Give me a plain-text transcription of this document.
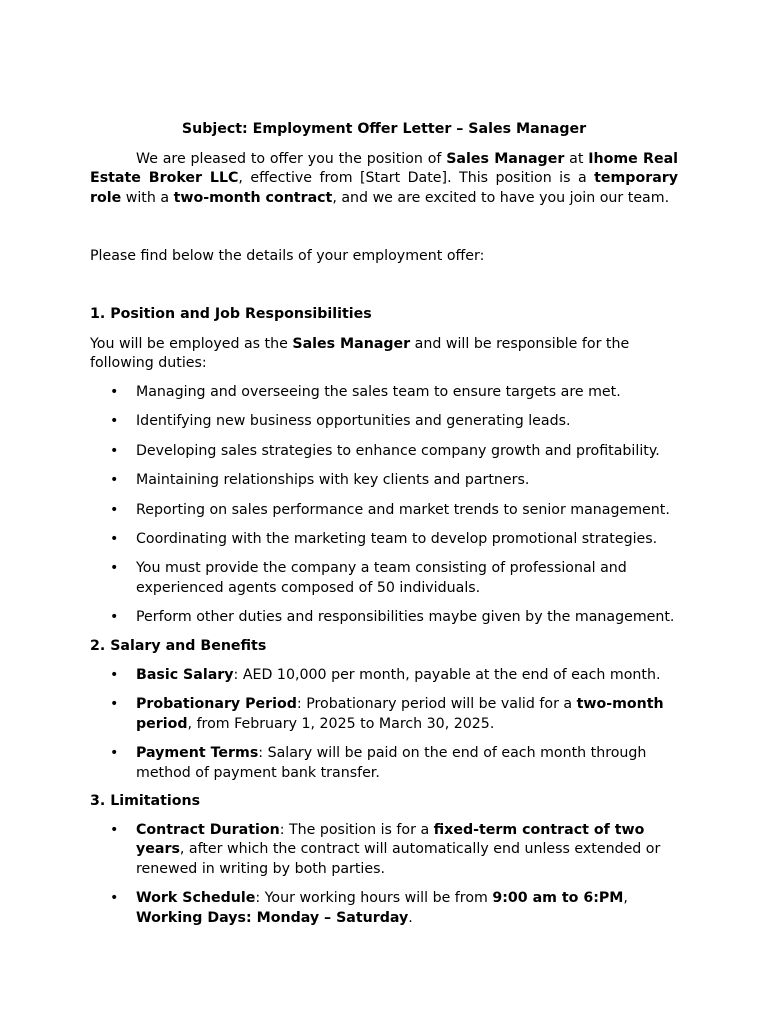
Subject: Employment Offer Letter – Sales Manager

We are pleased to offer you the position of Sales Manager at Ihome Real Estate Broker LLC, effective from [Start Date]. This position is a temporary role with a two-month contract, and we are excited to have you join our team.

Please find below the details of your employment offer:

1. Position and Job Responsibilities

You will be employed as the Sales Manager and will be responsible for the following duties:

• Managing and overseeing the sales team to ensure targets are met.
• Identifying new business opportunities and generating leads.
• Developing sales strategies to enhance company growth and profitability.
• Maintaining relationships with key clients and partners.
• Reporting on sales performance and market trends to senior management.
• Coordinating with the marketing team to develop promotional strategies.
• You must provide the company a team consisting of professional and experienced agents composed of 50 individuals.
• Perform other duties and responsibilities maybe given by the management.

2. Salary and Benefits

• Basic Salary: AED 10,000 per month, payable at the end of each month.
• Probationary Period: Probationary period will be valid for a two-month period, from February 1, 2025 to March 30, 2025.
• Payment Terms: Salary will be paid on the end of each month through method of payment bank transfer.

3. Limitations

• Contract Duration: The position is for a fixed-term contract of two years, after which the contract will automatically end unless extended or renewed in writing by both parties.
• Work Schedule: Your working hours will be from 9:00 am to 6:PM, Working Days: Monday – Saturday.
